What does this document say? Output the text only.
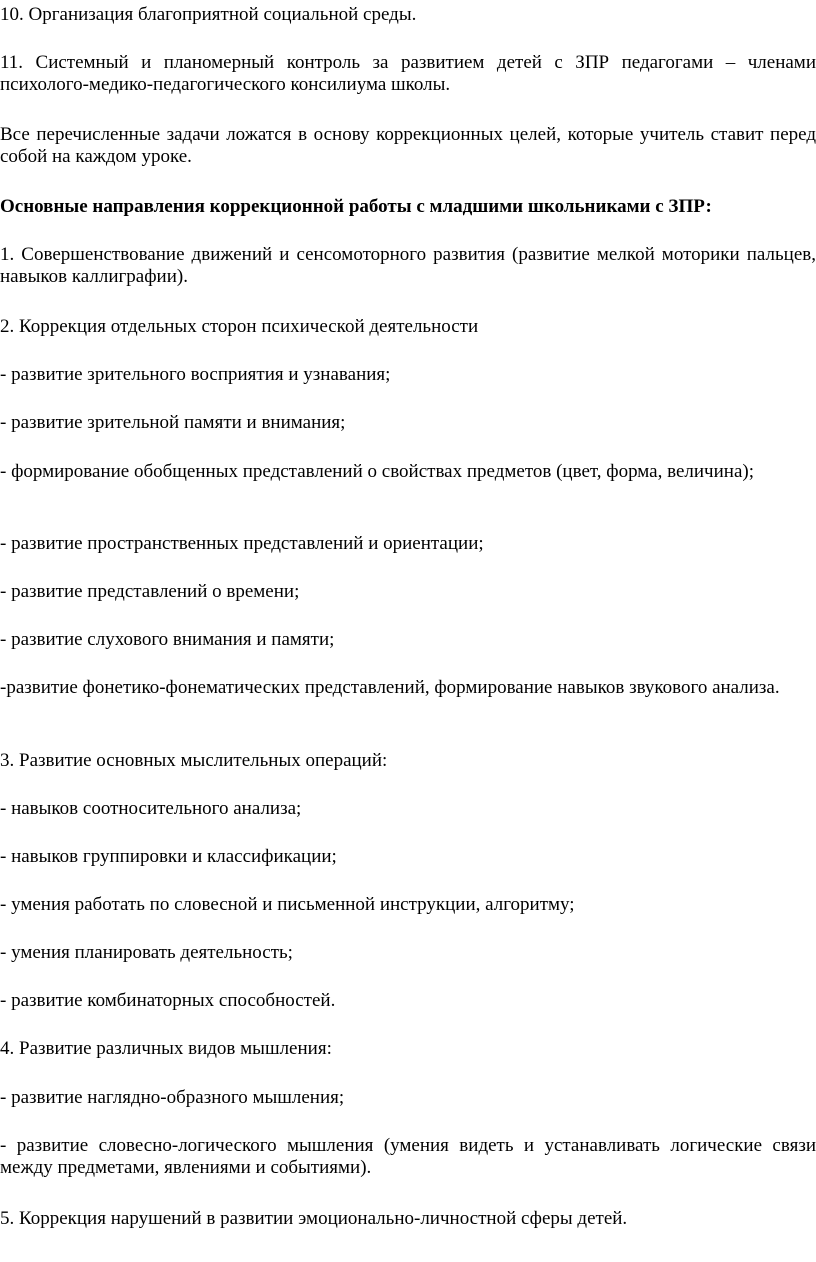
10. Организация благоприятной социальной среды.

11. Системный и планомерный контроль за развитием детей с ЗПР педагогами – членами психолого-медико-педагогического консилиума школы.

Все перечисленные задачи ложатся в основу коррекционных целей, которые учитель ставит перед собой на каждом уроке.

Основные направления коррекционной работы с младшими школьниками с ЗПР:

1. Совершенствование движений и сенсомоторного развития (развитие мелкой моторики пальцев, навыков каллиграфии).

2. Коррекция отдельных сторон психической деятельности

- развитие зрительного восприятия и узнавания;

- развитие зрительной памяти и внимания;

- формирование обобщенных представлений о свойствах предметов (цвет, форма, величина);

- развитие пространственных представлений и ориентации;

- развитие представлений о времени;

- развитие слухового внимания и памяти;

-развитие фонетико-фонематических представлений, формирование навыков звукового анализа.

3. Развитие основных мыслительных операций:

- навыков соотносительного анализа;

- навыков группировки и классификации;

- умения работать по словесной и письменной инструкции, алгоритму;

- умения планировать деятельность;

- развитие комбинаторных способностей.

4. Развитие различных видов мышления:

- развитие наглядно-образного мышления;

- развитие словесно-логического мышления (умения видеть и устанавливать логические связи между предметами, явлениями и событиями).

5. Коррекция нарушений в развитии эмоционально-личностной сферы детей.
